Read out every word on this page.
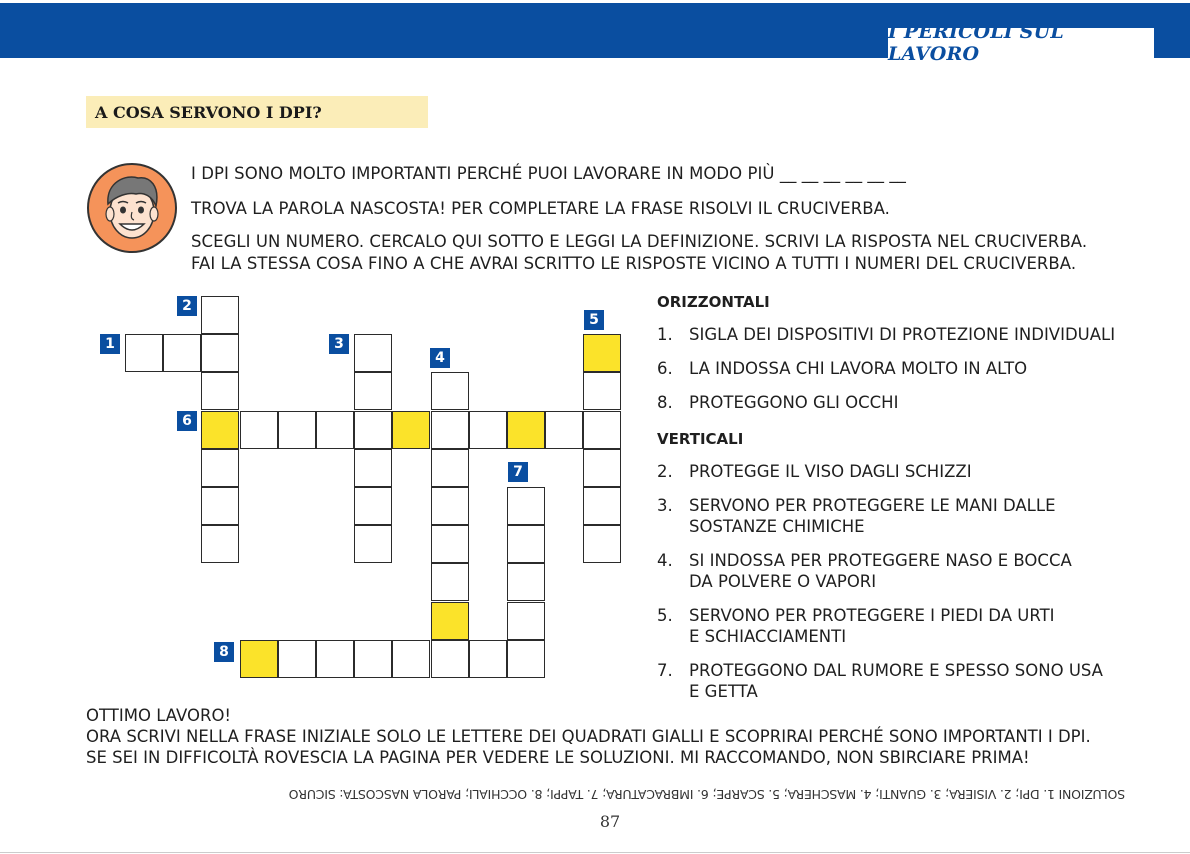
I PERICOLI SUL LAVORO
A COSA SERVONO I DPI?

I DPI SONO MOLTO IMPORTANTI PERCHÉ PUOI LAVORARE IN MODO PIÙ __ __ __ __ __ __

TROVA LA PAROLA NASCOSTA! PER COMPLETARE LA FRASE RISOLVI IL CRUCIVERBA.

SCEGLI UN NUMERO. CERCALO QUI SOTTO E LEGGI LA DEFINIZIONE. SCRIVI LA RISPOSTA NEL CRUCIVERBA.

FAI LA STESSA COSA FINO A CHE AVRAI SCRITTO LE RISPOSTE VICINO A TUTTI I NUMERI DEL CRUCIVERBA.

1
2
3
4
5
6
7
8

ORIZZONTALI

1. SIGLA DEI DISPOSITIVI DI PROTEZIONE INDIVIDUALI
6. LA INDOSSA CHI LAVORA MOLTO IN ALTO
8. PROTEGGONO GLI OCCHI

VERTICALI

2. PROTEGGE IL VISO DAGLI SCHIZZI
3. SERVONO PER PROTEGGERE LE MANI DALLE
SOSTANZE CHIMICHE
4. SI INDOSSA PER PROTEGGERE NASO E BOCCA
DA POLVERE O VAPORI
5. SERVONO PER PROTEGGERE I PIEDI DA URTI
E SCHIACCIAMENTI
7. PROTEGGONO DAL RUMORE E SPESSO SONO USA
E GETTA

OTTIMO LAVORO!

ORA SCRIVI NELLA FRASE INIZIALE SOLO LE LETTERE DEI QUADRATI GIALLI E SCOPRIRAI PERCHÉ SONO IMPORTANTI I DPI.

SE SEI IN DIFFICOLTÀ ROVESCIA LA PAGINA PER VEDERE LE SOLUZIONI. MI RACCOMANDO, NON SBIRCIARE PRIMA!

SOLUZIONI 1. DPI; 2. VISIERA; 3. GUANTI; 4. MASCHERA; 5. SCARPE; 6. IMBRACATURA; 7. TAPPI; 8. OCCHIALI; PAROLA NASCOSTA: SICURO
87
